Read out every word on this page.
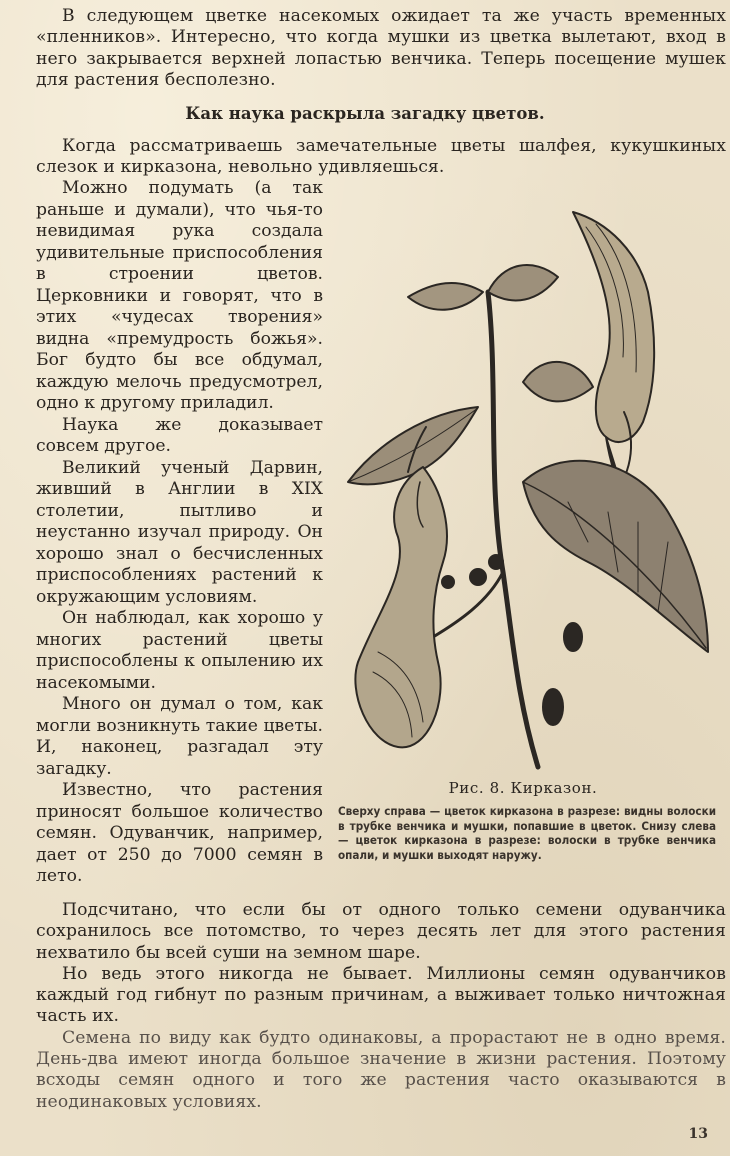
В следующем цветке насекомых ожидает та же участь временных «пленников». Интересно, что когда мушки из цветка вылетают, вход в него закрывается верхней лопастью венчика. Теперь посещение мушек для растения бесполезно.

Как наука раскрыла загадку цветов.

Когда рассматриваешь замечательные цветы шалфея, кукушкиных слезок и кирказона, невольно удивляешься.

Можно подумать (а так раньше и думали), что чья-то невидимая рука создала удивительные приспособления в строении цветов. Церковники и говорят, что в этих «чудесах творения» видна «премудрость божья». Бог будто бы все обдумал, каждую мелочь предусмотрел, одно к другому приладил.

Наука же доказывает совсем другое.

Великий ученый Дарвин, живший в Англии в XIX столетии, пытливо и неустанно изучал природу. Он хорошо знал о бесчисленных приспособлениях растений к окружающим условиям.

Он наблюдал, как хорошо у многих растений цветы приспособлены к опылению их насекомыми.

Много он думал о том, как могли возникнуть такие цветы. И, наконец, разгадал эту загадку.

Известно, что растения приносят большое количество семян. Одуванчик, например, дает от 250 до 7000 семян в лето.

Рис. 8. Кирказон.
Сверху справа — цветок кирказона в разрезе: видны волоски в трубке венчика и мушки, попавшие в цветок. Снизу слева — цветок кирказона в разрезе: волоски в трубке венчика опали, и мушки выходят наружу.

Подсчитано, что если бы от одного только семени одуванчика сохранилось все потомство, то через десять лет для этого растения нехватило бы всей суши на земном шаре.

Но ведь этого никогда не бывает. Миллионы семян одуванчиков каждый год гибнут по разным причинам, а выживает только ничтожная часть их.

Семена по виду как будто одинаковы, а прорастают не в одно время. День-два имеют иногда большое значение в жизни растения. Поэтому всходы семян одного и того же растения часто оказываются в неодинаковых условиях.

13
